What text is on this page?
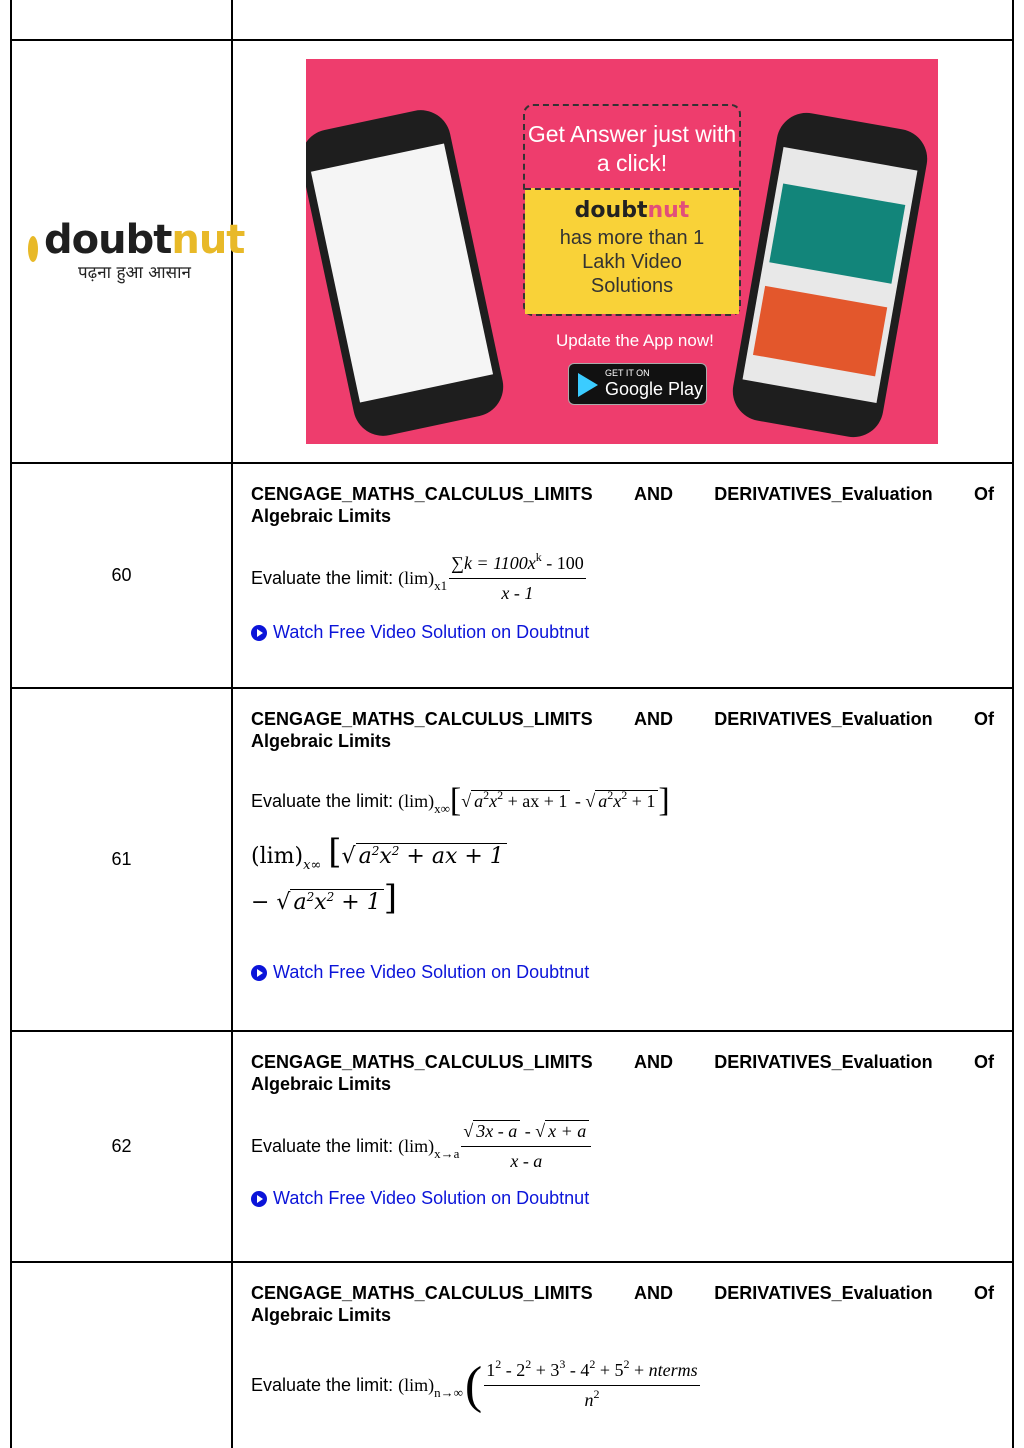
doubt nut
पढ़ना हुआ आसान
Get Answer just with a click!
doubtnut
has more than 1 Lakh Video Solutions
Update the App now!
GET IT ON
Google Play
60
CENGAGE_MATHS_CALCULUS_LIMITS AND DERIVATIVES_Evaluation Of
Algebraic Limits
Evaluate the limit:
$(\lim)_{x1} \frac{\sum k = 1100x^k - 100}{x - 1}$
Watch Free Video Solution on Doubtnut
61
CENGAGE_MATHS_CALCULUS_LIMITS AND DERIVATIVES_Evaluation Of
Algebraic Limits
Evaluate the limit:
$(\lim)_{x\infty}$ [ √ $a^2x^2$ + ax + 1 - √ $a^2x^2 + 1$ ]
$(\lim)_{x\infty}$ [√ $a^2x^2$ + ax + 1
− √ $a^2x^2 + 1$]
Watch Free Video Solution on Doubtnut
62
CENGAGE_MATHS_CALCULUS_LIMITS AND DERIVATIVES_Evaluation Of
Algebraic Limits
Evaluate the limit:
$(\lim)_{x\to a} \frac{√ 3x - a - √ x + a}{x - a}$
Watch Free Video Solution on Doubtnut
CENGAGE_MATHS_CALCULUS_LIMITS AND DERIVATIVES_Evaluation Of
Algebraic Limits
Evaluate the limit:
$(\lim)_{n\to\infty}$ ( $1^2 - 2^2 + 3^3 - 4^2 + 5^2$ + nterms
$n^2$
